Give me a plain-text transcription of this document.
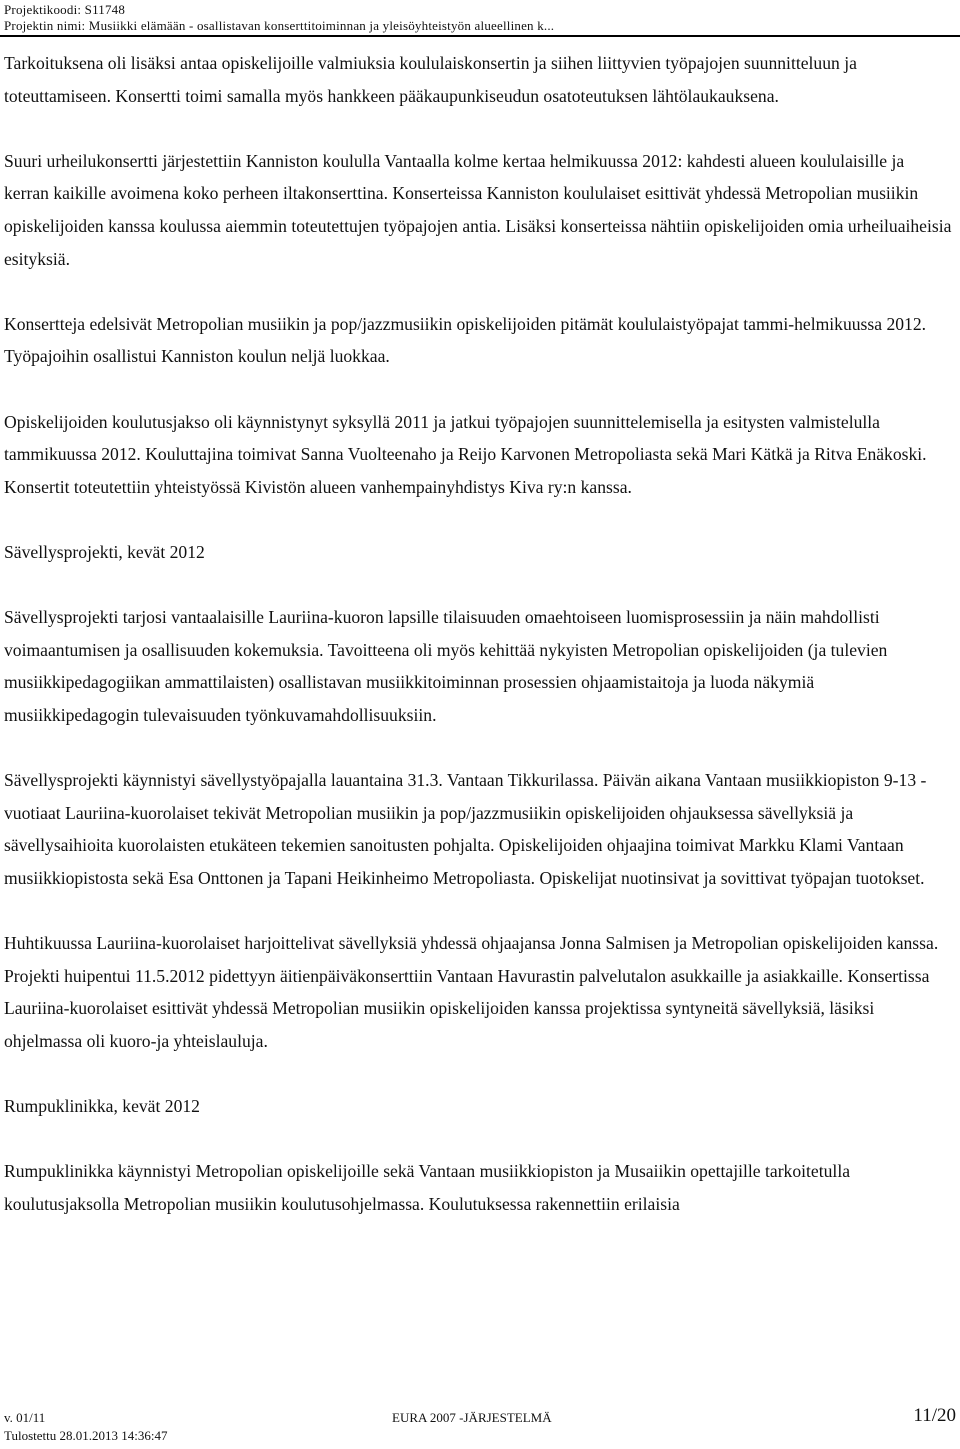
Projektikoodi: S11748
Projektin nimi: Musiikki elämään - osallistavan konserttitoiminnan ja yleisöyhteistyön alueellinen k...

Tarkoituksena oli lisäksi antaa opiskelijoille valmiuksia koululaiskonsertin ja siihen liittyvien työpajojen suunnitteluun ja toteuttamiseen. Konsertti toimi samalla myös hankkeen pääkaupunkiseudun osatoteutuksen lähtölaukauksena.

Suuri urheilukonsertti järjestettiin Kanniston koululla Vantaalla kolme kertaa helmikuussa 2012: kahdesti alueen koululaisille ja kerran kaikille avoimena koko perheen iltakonserttina. Konserteissa Kanniston koululaiset esittivät yhdessä Metropolian musiikin opiskelijoiden kanssa koulussa aiemmin toteutettujen työpajojen antia. Lisäksi konserteissa nähtiin opiskelijoiden omia urheiluaiheisia esityksiä.

Konsertteja edelsivät Metropolian musiikin ja pop/jazzmusiikin opiskelijoiden pitämät koululaistyöpajat tammi-helmikuussa 2012. Työpajoihin osallistui Kanniston koulun neljä luokkaa.

Opiskelijoiden koulutusjakso oli käynnistynyt syksyllä 2011 ja jatkui työpajojen suunnittelemisella ja esitysten valmistelulla tammikuussa 2012. Kouluttajina toimivat Sanna Vuolteenaho ja Reijo Karvonen Metropoliasta sekä Mari Kätkä ja Ritva Enäkoski. Konsertit toteutettiin yhteistyössä Kivistön alueen vanhempainyhdistys Kiva ry:n kanssa.

Sävellysprojekti, kevät 2012

Sävellysprojekti tarjosi vantaalaisille Lauriina-kuoron lapsille tilaisuuden omaehtoiseen luomisprosessiin ja näin mahdollisti voimaantumisen ja osallisuuden kokemuksia. Tavoitteena oli myös kehittää nykyisten Metropolian opiskelijoiden (ja tulevien musiikkipedagogiikan ammattilaisten) osallistavan musiikkitoiminnan prosessien ohjaamistaitoja ja luoda näkymiä musiikkipedagogin tulevaisuuden työnkuvamahdollisuuksiin.

Sävellysprojekti käynnistyi sävellystyöpajalla lauantaina 31.3. Vantaan Tikkurilassa. Päivän aikana Vantaan musiikkiopiston 9-13 -vuotiaat Lauriina-kuorolaiset tekivät Metropolian musiikin ja pop/jazzmusiikin opiskelijoiden ohjauksessa sävellyksiä ja sävellysaihioita kuorolaisten etukäteen tekemien sanoitusten pohjalta. Opiskelijoiden ohjaajina toimivat Markku Klami Vantaan musiikkiopistosta sekä Esa Onttonen ja Tapani Heikinheimo Metropoliasta. Opiskelijat nuotinsivat ja sovittivat työpajan tuotokset.

Huhtikuussa Lauriina-kuorolaiset harjoittelivat sävellyksiä yhdessä ohjaajansa Jonna Salmisen ja Metropolian opiskelijoiden kanssa. Projekti huipentui 11.5.2012 pidettyyn äitienpäiväkonserttiin Vantaan Havurastin palvelutalon asukkaille ja asiakkaille. Konsertissa Lauriina-kuorolaiset esittivät yhdessä Metropolian musiikin opiskelijoiden kanssa projektissa syntyneitä sävellyksiä, läsiksi ohjelmassa oli kuoro-ja yhteislauluja.

Rumpuklinikka, kevät 2012

Rumpuklinikka käynnistyi Metropolian opiskelijoille sekä Vantaan musiikkiopiston ja Musaiikin opettajille tarkoitetulla koulutusjaksolla Metropolian musiikin koulutusohjelmassa. Koulutuksessa rakennettiin erilaisia

v. 01/11
Tulostettu 28.01.2013 14:36:47
EURA 2007 -JÄRJESTELMÄ	11/20
